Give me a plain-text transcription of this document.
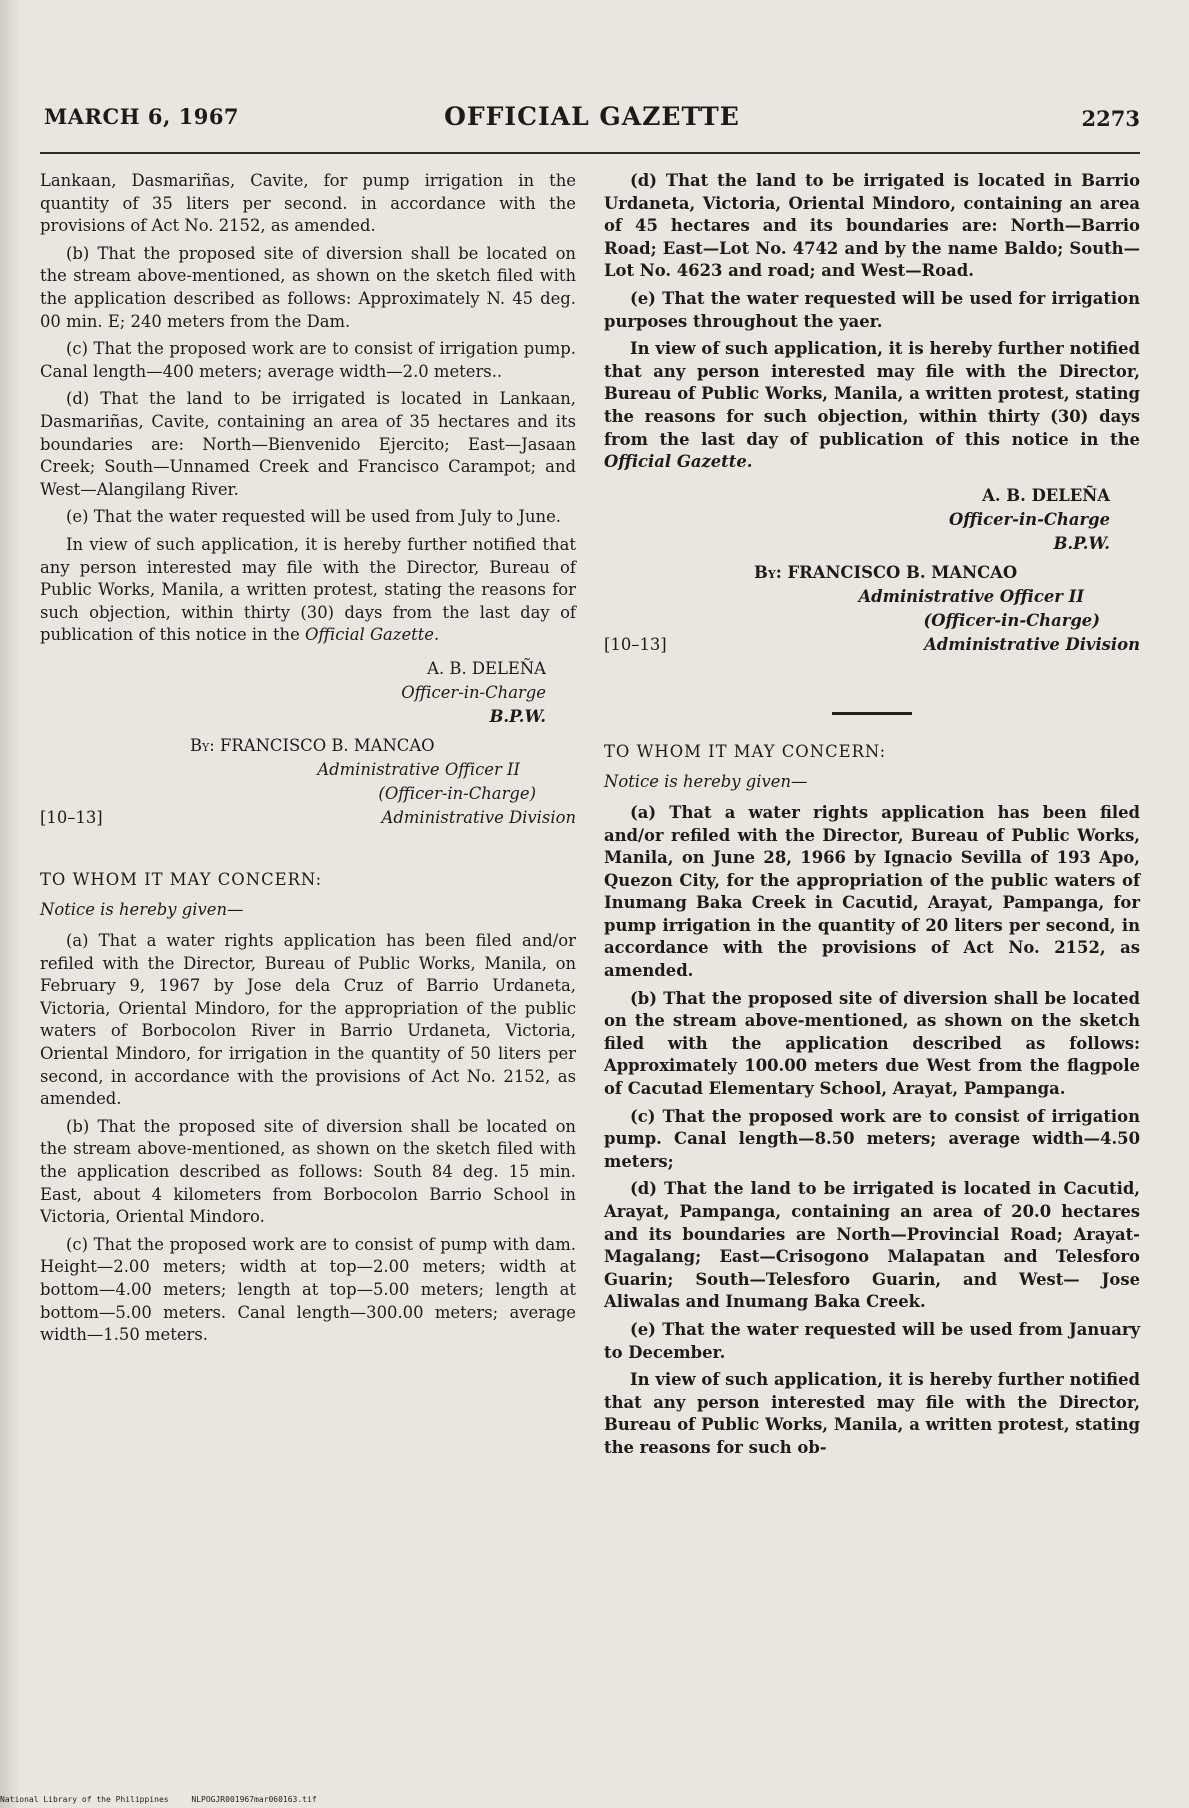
MARCH 6, 1967	OFFICIAL GAZETTE	2273

Lankaan, Dasmariñas, Cavite, for pump irrigation in the quantity of 35 liters per second. in accordance with the provisions of Act No. 2152, as amended.

(b) That the proposed site of diversion shall be located on the stream above-mentioned, as shown on the sketch filed with the application described as follows: Approximately N. 45 deg. 00 min. E; 240 meters from the Dam.

(c) That the proposed work are to consist of irrigation pump. Canal length—400 meters; average width—2.0 meters..

(d) That the land to be irrigated is located in Lankaan, Dasmariñas, Cavite, containing an area of 35 hectares and its boundaries are: North—Bienvenido Ejercito; East—Jasaan Creek; South—Unnamed Creek and Francisco Carampot; and West—Alangilang River.

(e) That the water requested will be used from July to June.

In view of such application, it is hereby further notified that any person interested may file with the Director, Bureau of Public Works, Manila, a written protest, stating the reasons for such objection, within thirty (30) days from the last day of publication of this notice in the Official Gazette.

A. B. DELEÑA
Officer-in-Charge
B.P.W.
By: FRANCISCO B. MANCAO
Administrative Officer II
(Officer-in-Charge)
[10–13]	Administrative Division
TO WHOM IT MAY CONCERN:
Notice is hereby given—

(a) That a water rights application has been filed and/or refiled with the Director, Bureau of Public Works, Manila, on February 9, 1967 by Jose dela Cruz of Barrio Urdaneta, Victoria, Oriental Mindoro, for the appropriation of the public waters of Borbocolon River in Barrio Urdaneta, Victoria, Oriental Mindoro, for irrigation in the quantity of 50 liters per second, in accordance with the provisions of Act No. 2152, as amended.

(b) That the proposed site of diversion shall be located on the stream above-mentioned, as shown on the sketch filed with the application described as follows: South 84 deg. 15 min. East, about 4 kilometers from Borbocolon Barrio School in Victoria, Oriental Mindoro.

(c) That the proposed work are to consist of pump with dam. Height—2.00 meters; width at top—2.00 meters; width at bottom—4.00 meters; length at top—5.00 meters; length at bottom—5.00 meters. Canal length—300.00 meters; average width—1.50 meters.

(d) That the land to be irrigated is located in Barrio Urdaneta, Victoria, Oriental Mindoro, containing an area of 45 hectares and its boundaries are: North—Barrio Road; East—Lot No. 4742 and by the name Baldo; South—Lot No. 4623 and road; and West—Road.

(e) That the water requested will be used for irrigation purposes throughout the yaer.

In view of such application, it is hereby further notified that any person interested may file with the Director, Bureau of Public Works, Manila, a written protest, stating the reasons for such objection, within thirty (30) days from the last day of publication of this notice in the Official Gazette.

A. B. DELEÑA
Officer-in-Charge
B.P.W.
By: FRANCISCO B. MANCAO
Administrative Officer II
(Officer-in-Charge)
[10–13]	Administrative Division
TO WHOM IT MAY CONCERN:
Notice is hereby given—

(a) That a water rights application has been filed and/or refiled with the Director, Bureau of Public Works, Manila, on June 28, 1966 by Ignacio Sevilla of 193 Apo, Quezon City, for the appropriation of the public waters of Inumang Baka Creek in Cacutid, Arayat, Pampanga, for pump irrigation in the quantity of 20 liters per second, in accordance with the provisions of Act No. 2152, as amended.

(b) That the proposed site of diversion shall be located on the stream above-mentioned, as shown on the sketch filed with the application described as follows: Approximately 100.00 meters due West from the flagpole of Cacutad Elementary School, Arayat, Pampanga.

(c) That the proposed work are to consist of irrigation pump. Canal length—8.50 meters; average width—4.50 meters;

(d) That the land to be irrigated is located in Cacutid, Arayat, Pampanga, containing an area of 20.0 hectares and its boundaries are North—Provincial Road; Arayat-Magalang; East—Crisogono Malapatan and Telesforo Guarin; South—Telesforo Guarin, and West— Jose Aliwalas and Inumang Baka Creek.

(e) That the water requested will be used from January to December.

In view of such application, it is hereby further notified that any person interested may file with the Director, Bureau of Public Works, Manila, a written protest, stating the reasons for such ob-

National Library of the Philippines	NLPOGJR001967mar060163.tif
